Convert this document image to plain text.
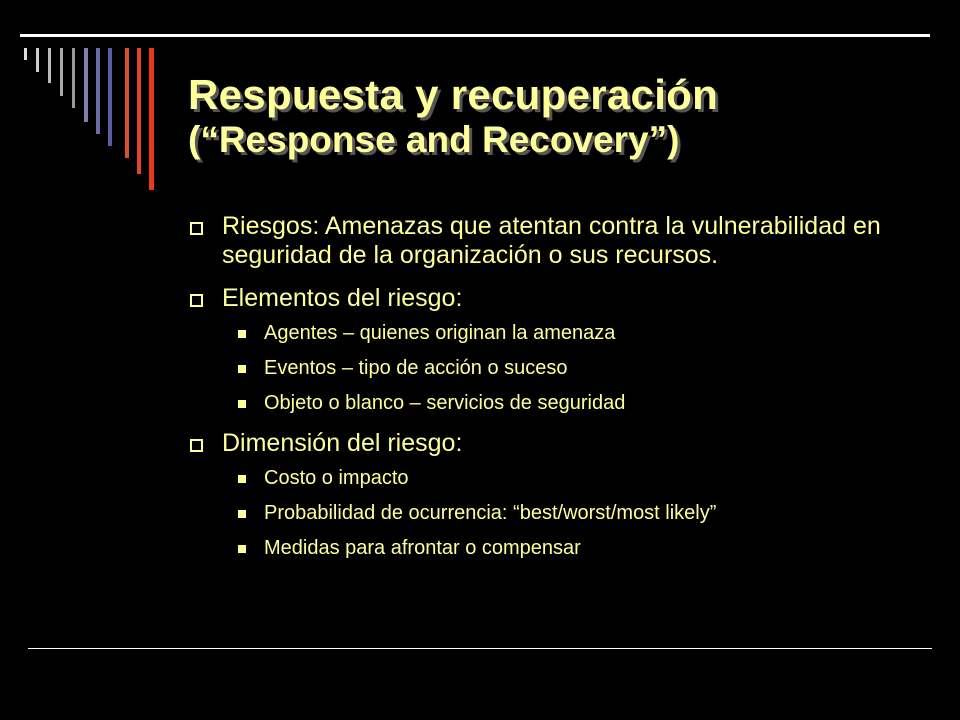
Respuesta y recuperación
(“Response and Recovery”)
Riesgos: Amenazas que atentan contra la vulnerabilidad en seguridad de la organización o sus recursos.
Elementos del riesgo:
Agentes – quienes originan la amenaza
Eventos – tipo de acción o suceso
Objeto o blanco – servicios de seguridad
Dimensión del riesgo:
Costo o impacto
Probabilidad de ocurrencia: “best/worst/most likely”
Medidas para afrontar o compensar
